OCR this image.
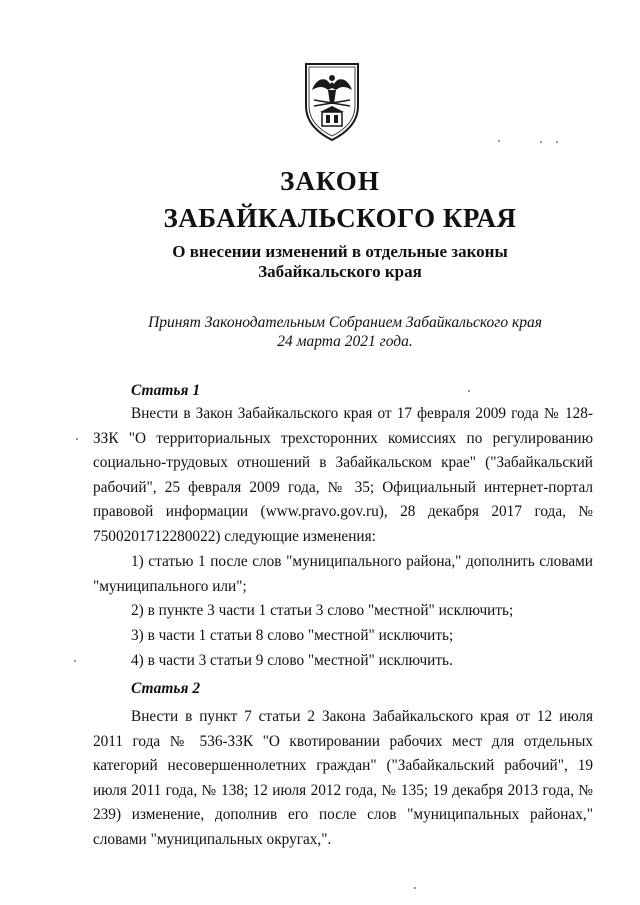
ЗАКОН
ЗАБАЙКАЛЬСКОГО КРАЯ
О внесении изменений в отдельные законы
Забайкальского края
Принят Законодательным Собранием Забайкальского края
24 марта 2021 года.
Статья 1
Внести в Закон Забайкальского края от 17 февраля 2009 года № 128-ЗЗК "О территориальных трехсторонних комиссиях по регулированию социально-трудовых отношений в Забайкальском крае" ("Забайкальский рабочий", 25 февраля 2009 года, № 35; Официальный интернет-портал правовой информации (www.pravo.gov.ru), 28 декабря 2017 года, № 7500201712280022) следующие изменения:
1) статью 1 после слов "муниципального района," дополнить словами "муниципального или";
2) в пункте 3 части 1 статьи 3 слово "местной" исключить;
3) в части 1 статьи 8 слово "местной" исключить;
4) в части 3 статьи 9 слово "местной" исключить.
Статья 2
Внести в пункт 7 статьи 2 Закона Забайкальского края от 12 июля 2011 года № 536-ЗЗК "О квотировании рабочих мест для отдельных категорий несовершеннолетних граждан" ("Забайкальский рабочий", 19 июля 2011 года, № 138; 12 июля 2012 года, № 135; 19 декабря 2013 года, № 239) изменение, дополнив его после слов "муниципальных районах," словами "муниципальных округах,".
